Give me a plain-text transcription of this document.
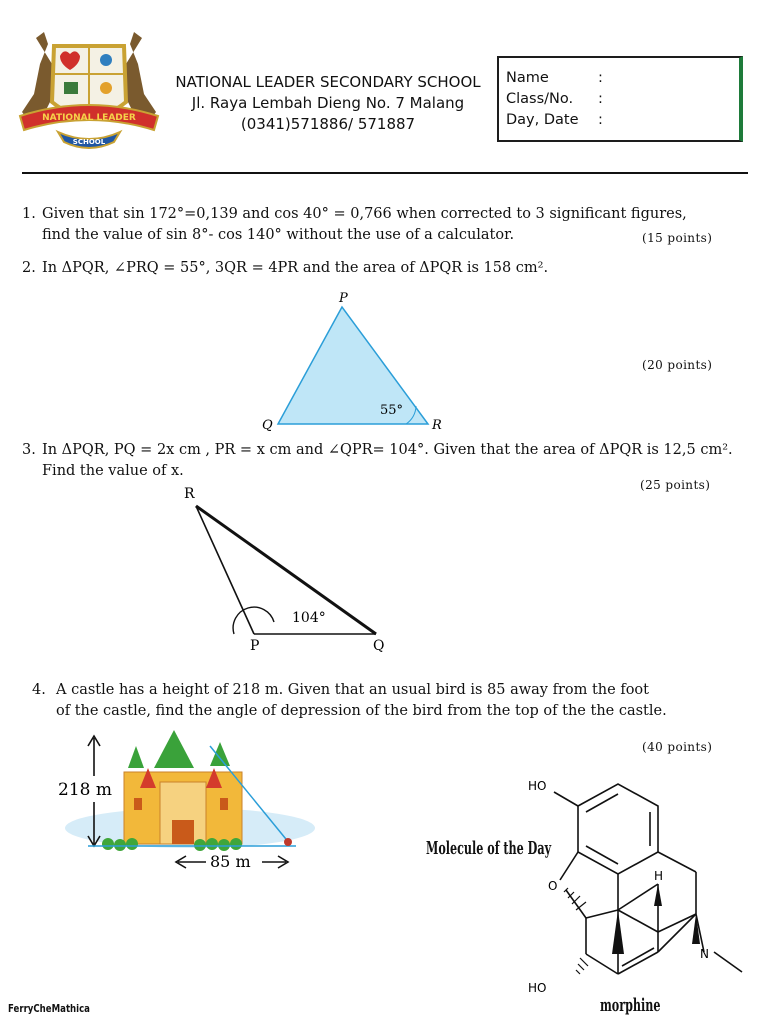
NATIONAL LEADER
SCHOOL
NATIONAL LEADER SECONDARY SCHOOL
Jl. Raya Lembah Dieng No. 7 Malang
(0341)571886/ 571887
Name	:
Class/No. :
Day, Date :
1. Given that sin 172°=0,139 and cos 40° = 0,766 when corrected to 3 significant figures,
find the value of sin 8°- cos 140° without the use of a calculator.	(15 points)
2. In ΔPQR, ∠PRQ = 55°, 3QR = 4PR and the area of ΔPQR is 158 cm².
(20 points)
P
Q	R
55°
3. In ΔPQR, PQ = 2x cm , PR = x cm and ∠QPR= 104°. Given that the area of ΔPQR is 12,5 cm².
Find the value of x.
(25 points)
R
P	Q
104°
4. A castle has a height of 218 m. Given that an usual bird is 85 away from the foot
of the castle, find the angle of depression of the bird from the top of the the castle.
(40 points)
218 m
85 m
Molecule of the Day
HO
O
H
N
HO
morphine
FerryCheMathica
